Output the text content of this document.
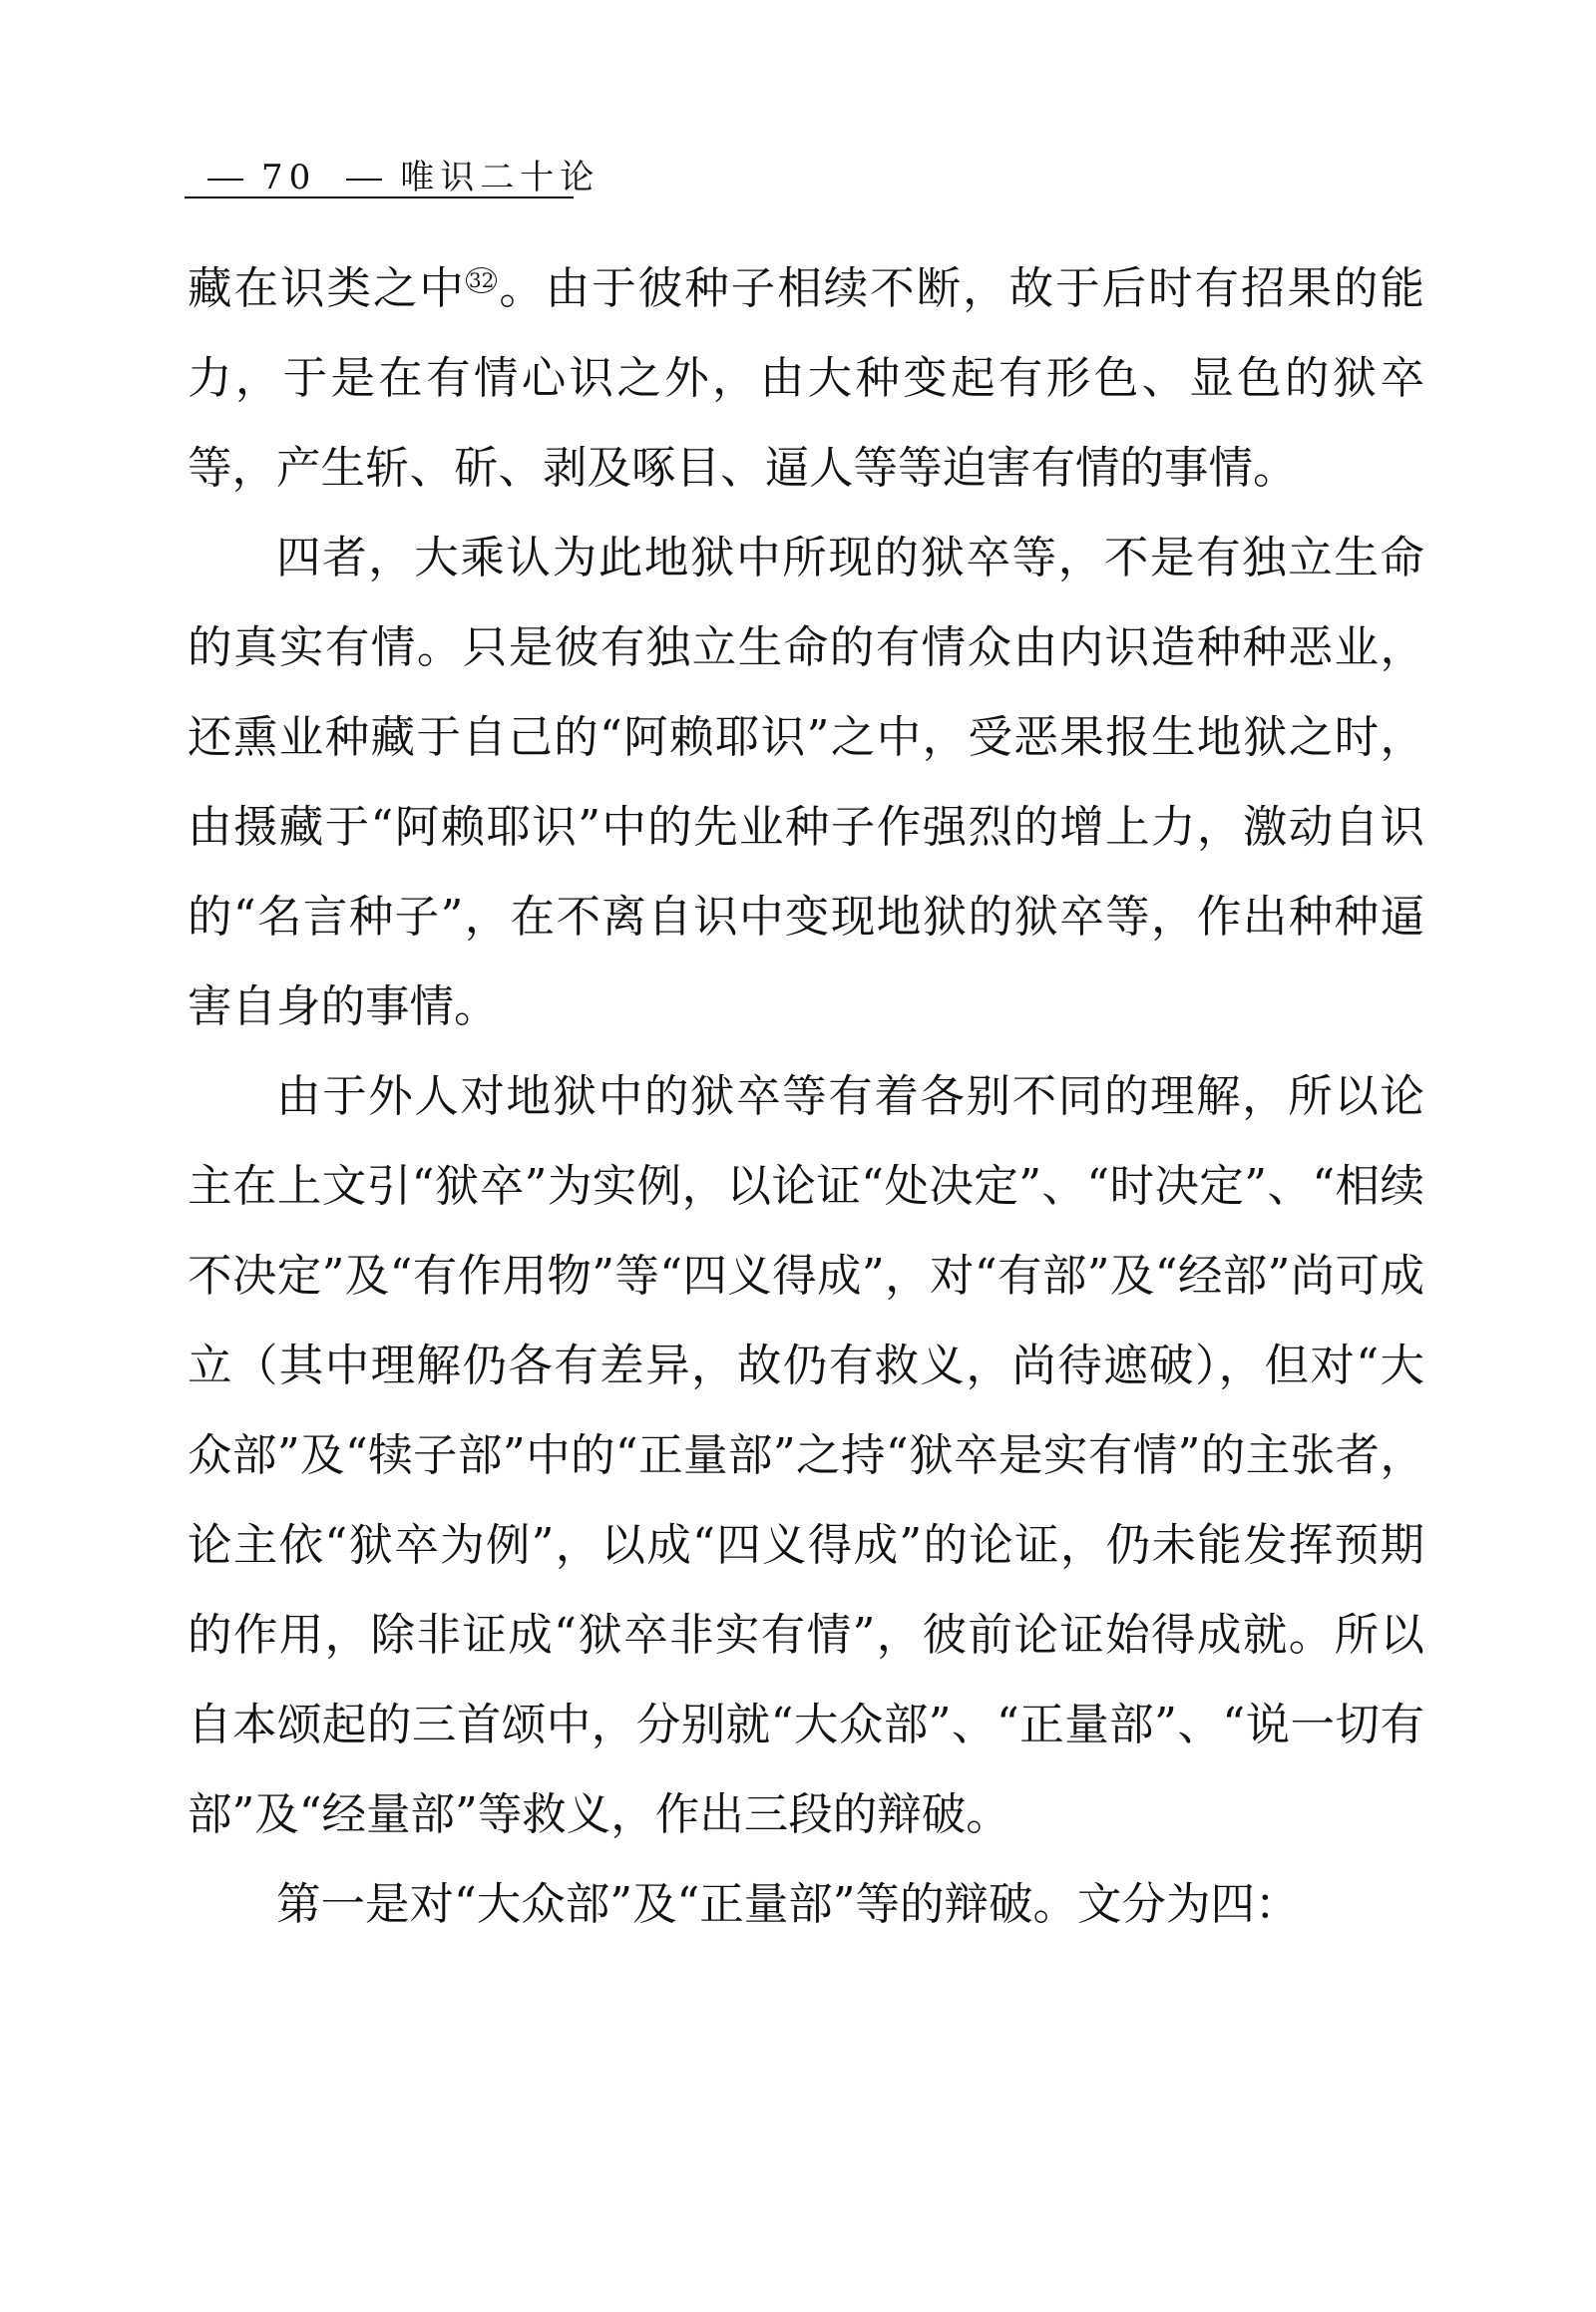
70 唯识二十论

藏在识类之中 $^{32}$。由于彼种子相续不断，故于后时有招果的能力，于是在有情心识之外，由大种变起有形色、显色的狱卒等，产生斩、斫、剥及啄目、逼人等等迫害有情的事情。

四者，大乘认为此地狱中所现的狱卒等，不是有独立生命的真实有情。只是彼有独立生命的有情众由内识造种种恶业，还熏业种藏于自己的“阿赖耶识”之中，受恶果报生地狱之时，由摄藏于“阿赖耶识”中的先业种子作强烈的增上力，激动自识的“名言种子”，在不离自识中变现地狱的狱卒等，作出种种逼害自身的事情。

由于外人对地狱中的狱卒等有着各别不同的理解，所以论主在上文引“狱卒”为实例，以论证“处决定”、“时决定”、“相续不决定”及“有作用物”等“四义得成”，对“有部”及“经部”尚可成立（其中理解仍各有差异，故仍有救义，尚待遮破），但对“大众部”及“犊子部”中的“正量部”之持“狱卒是实有情”的主张者，论主依“狱卒为例”，以成“四义得成”的论证，仍未能发挥预期的作用，除非证成“狱卒非实有情”，彼前论证始得成就。所以自本颂起的三首颂中，分别就“大众部”、“正量部”、“说一切有部”及“经量部”等救义，作出三段的辩破。

第一是对“大众部”及“正量部”等的辩破。文分为四：
